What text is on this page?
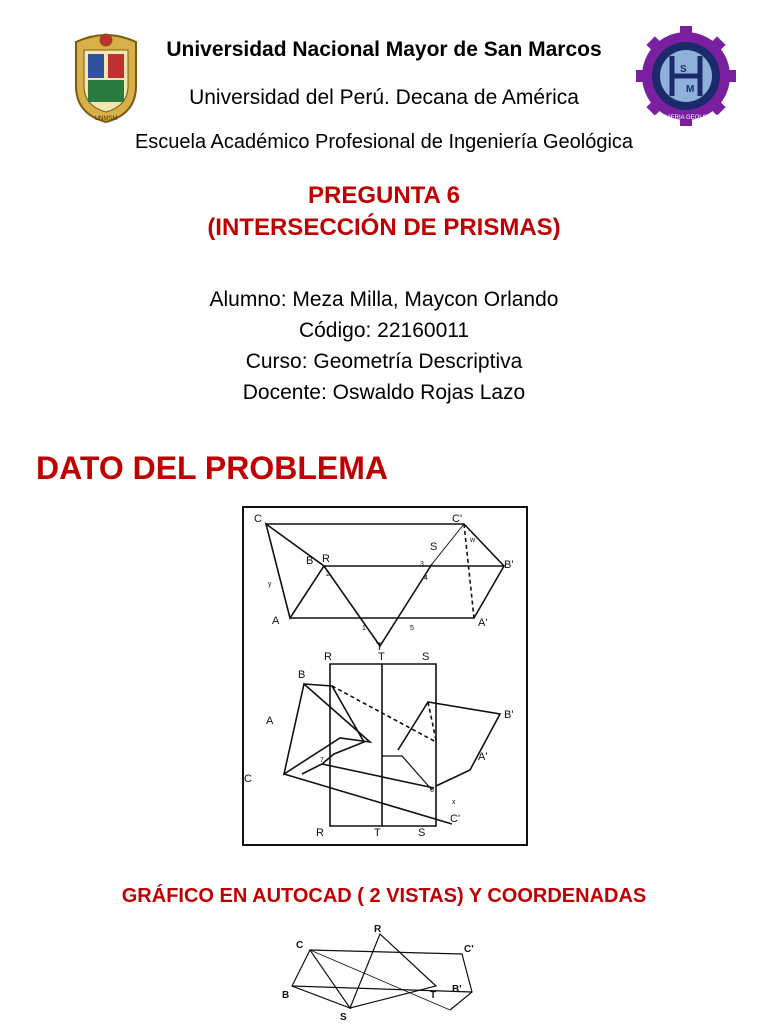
UNMSM
S
M
INGENIERIA GEOLOGICA
Universidad Nacional Mayor de San Marcos
Universidad del Perú. Decana de América
Escuela Académico Profesional de Ingeniería Geológica
PREGUNTA 6
(INTERSECCIÓN DE PRISMAS)
Alumno: Meza Milla, Maycon Orlando
Código: 22160011
Curso: Geometría Descriptiva
Docente: Oswaldo Rojas Lazo
DATO DEL PROBLEMA
C	C'
B R
S
B'
A	A'
T
R	T	S
B
B'
A
A'
C
C'
R	T	S
1
2
3
4
5
6
7
y
x
w
GRÁFICO EN AUTOCAD ( 2 VISTAS) Y COORDENADAS
C
R
C'
B
B'
S
T
